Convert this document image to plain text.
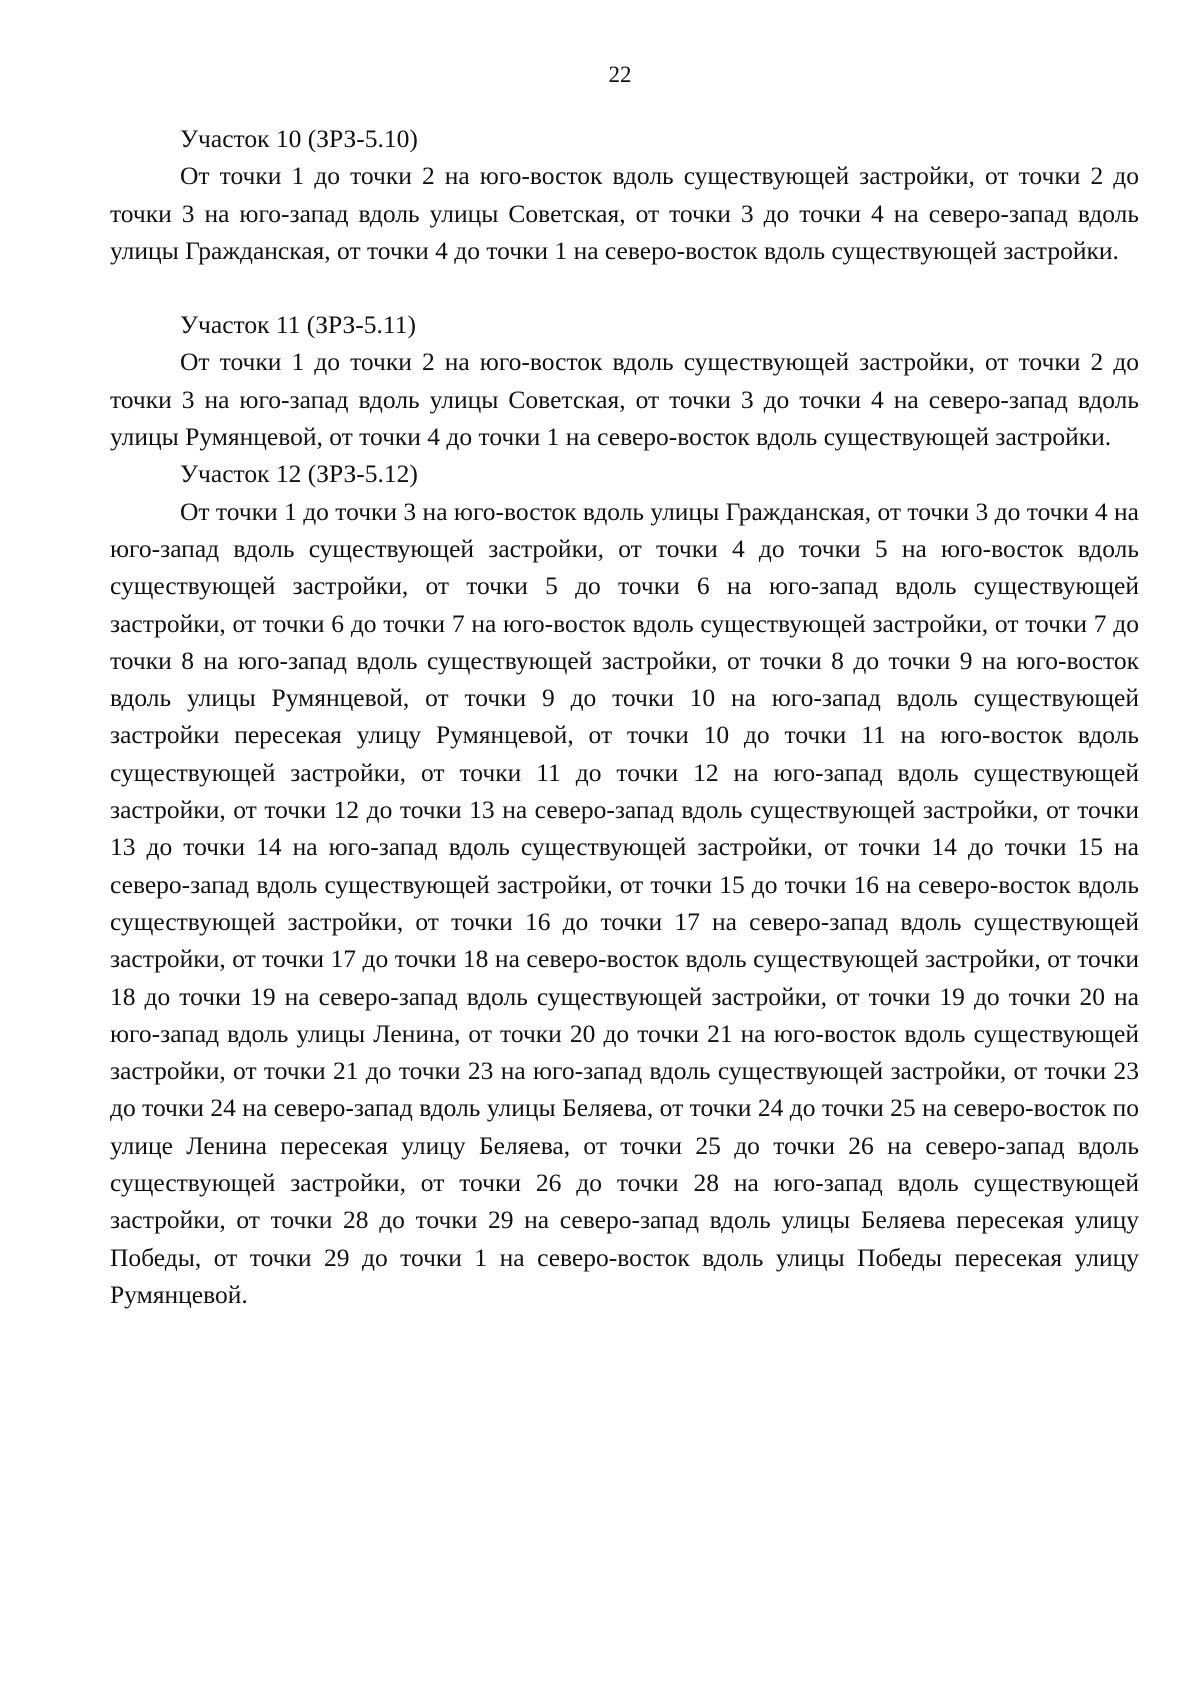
22

Участок 10 (ЗРЗ-5.10)

От точки 1 до точки 2 на юго-восток вдоль существующей застройки, от точки 2 до точки 3 на юго-запад вдоль улицы Советская, от точки 3 до точки 4 на северо-запад вдоль улицы Гражданская, от точки 4 до точки 1 на северо-восток вдоль существующей застройки.

Участок 11 (ЗРЗ-5.11)

От точки 1 до точки 2 на юго-восток вдоль существующей застройки, от точки 2 до точки 3 на юго-запад вдоль улицы Советская, от точки 3 до точки 4 на северо-запад вдоль улицы Румянцевой, от точки 4 до точки 1 на северо-восток вдоль существующей застройки.

Участок 12 (ЗРЗ-5.12)

От точки 1 до точки 3 на юго-восток вдоль улицы Гражданская, от точки 3 до точки 4 на юго-запад вдоль существующей застройки, от точки 4 до точки 5 на юго-восток вдоль существующей застройки, от точки 5 до точки 6 на юго-запад вдоль существующей застройки, от точки 6 до точки 7 на юго-восток вдоль существующей застройки, от точки 7 до точки 8 на юго-запад вдоль существующей застройки, от точки 8 до точки 9 на юго-восток вдоль улицы Румянцевой, от точки 9 до точки 10 на юго-запад вдоль существующей застройки пересекая улицу Румянцевой, от точки 10 до точки 11 на юго-восток вдоль существующей застройки, от точки 11 до точки 12 на юго-запад вдоль существующей застройки, от точки 12 до точки 13 на северо-запад вдоль существующей застройки, от точки 13 до точки 14 на юго-запад вдоль существующей застройки, от точки 14 до точки 15 на северо-запад вдоль существующей застройки, от точки 15 до точки 16 на северо-восток вдоль существующей застройки, от точки 16 до точки 17 на северо-запад вдоль существующей застройки, от точки 17 до точки 18 на северо-восток вдоль существующей застройки, от точки 18 до точки 19 на северо-запад вдоль существующей застройки, от точки 19 до точки 20 на юго-запад вдоль улицы Ленина, от точки 20 до точки 21 на юго-восток вдоль существующей застройки, от точки 21 до точки 23 на юго-запад вдоль существующей застройки, от точки 23 до точки 24 на северо-запад вдоль улицы Беляева, от точки 24 до точки 25 на северо-восток по улице Ленина пересекая улицу Беляева, от точки 25 до точки 26 на северо-запад вдоль существующей застройки, от точки 26 до точки 28 на юго-запад вдоль существующей застройки, от точки 28 до точки 29 на северо-запад вдоль улицы Беляева пересекая улицу Победы, от точки 29 до точки 1 на северо-восток вдоль улицы Победы пересекая улицу Румянцевой.
